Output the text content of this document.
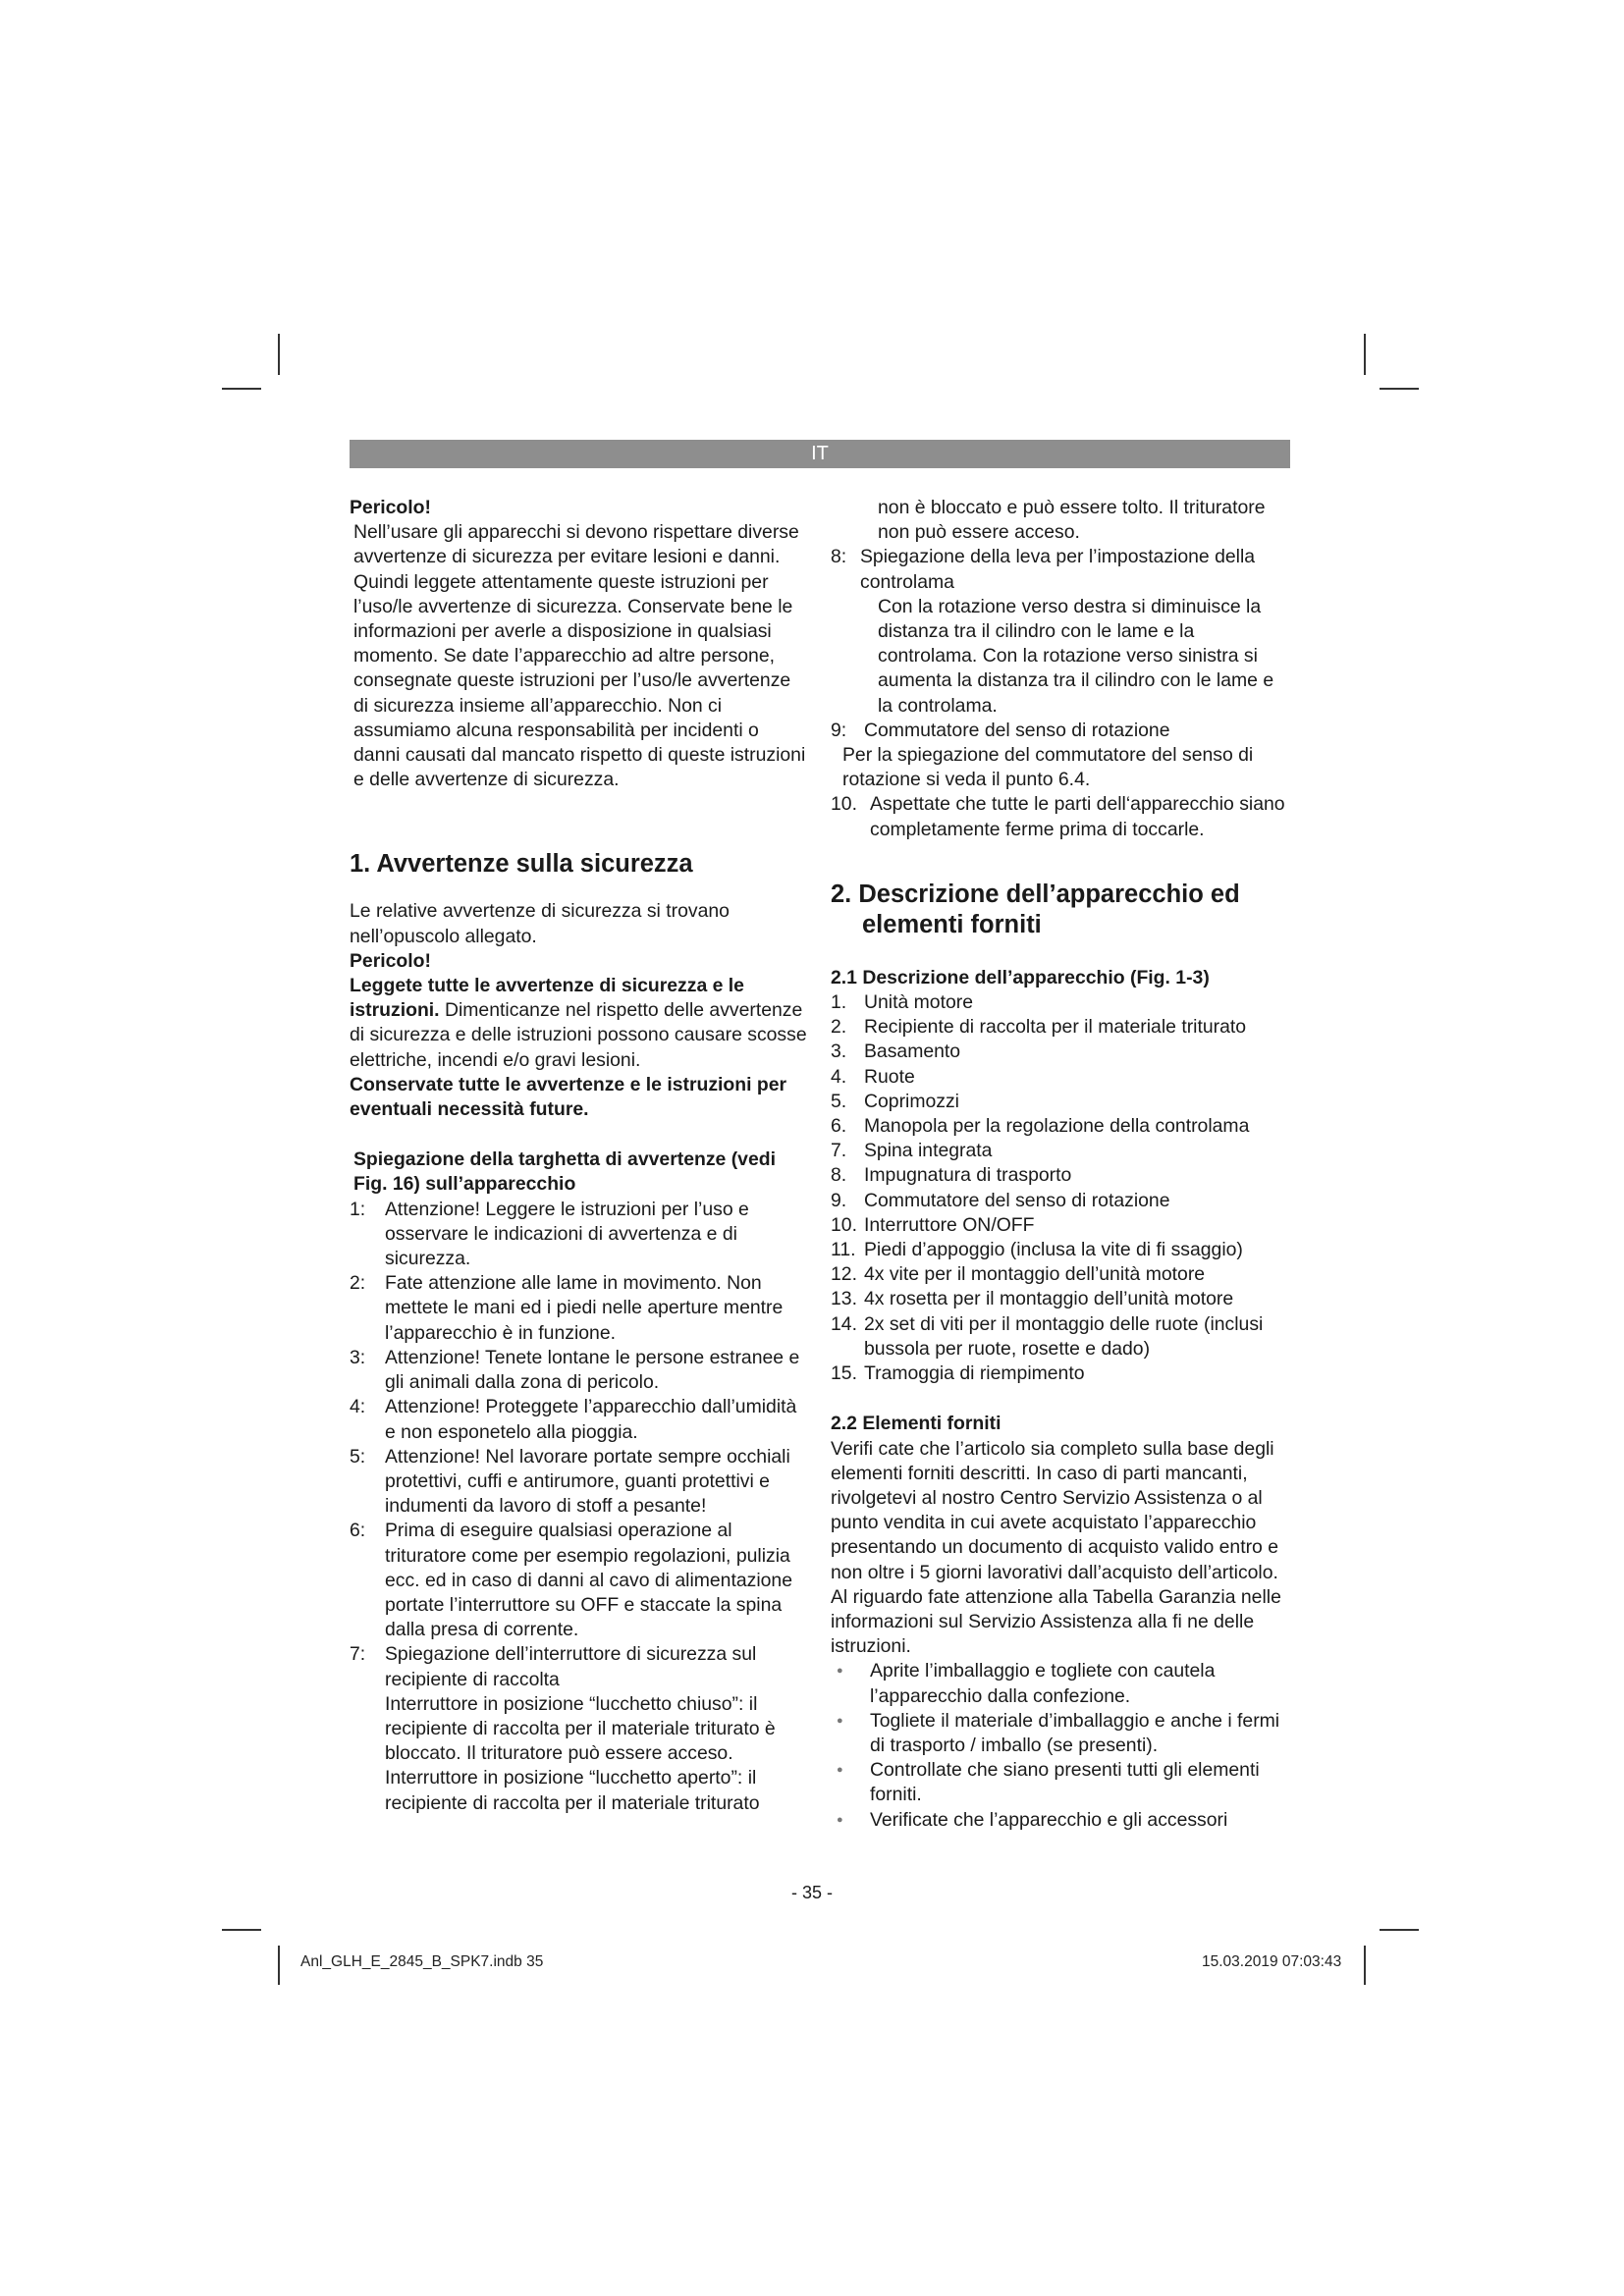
IT

Pericolo!

Nell’usare gli apparecchi si devono rispettare diverse avvertenze di sicurezza per evitare lesioni e danni. Quindi leggete attentamente queste istruzioni per l’uso/le avvertenze di sicurezza. Conservate bene le informazioni per averle a disposizione in qualsiasi momento. Se date l’apparecchio ad altre persone, consegnate queste istruzioni per l’uso/le avvertenze di sicurezza insieme all’apparecchio. Non ci assumiamo alcuna responsabilità per incidenti o danni causati dal mancato rispetto di queste istruzioni e delle avvertenze di sicurezza.

1. Avvertenze sulla sicurezza

Le relative avvertenze di sicurezza si trovano nell’opuscolo allegato.

Pericolo!

Leggete tutte le avvertenze di sicurezza e le istruzioni. Dimenticanze nel rispetto delle avvertenze di sicurezza e delle istruzioni possono causare scosse elettriche, incendi e/o gravi lesioni.

Conservate tutte le avvertenze e le istruzioni per eventuali necessità future.

Spiegazione della targhetta di avvertenze (vedi Fig. 16) sull’apparecchio
1: Attenzione! Leggere le istruzioni per l’uso e osservare le indicazioni di avvertenza e di sicurezza.
2: Fate attenzione alle lame in movimento. Non mettete le mani ed i piedi nelle aperture mentre l’apparecchio è in funzione.
3: Attenzione! Tenete lontane le persone estranee e gli animali dalla zona di pericolo.
4: Attenzione! Proteggete l’apparecchio dall’umidità e non esponetelo alla pioggia.
5: Attenzione! Nel lavorare portate sempre occhiali protettivi, cuffi e antirumore, guanti protettivi e indumenti da lavoro di stoff a pesante!
6: Prima di eseguire qualsiasi operazione al trituratore come per esempio regolazioni, pulizia ecc. ed in caso di danni al cavo di alimentazione portate l’interruttore su OFF e staccate la spina dalla presa di corrente.
7: Spiegazione dell’interruttore di sicurezza sul recipiente di raccolta

Interruttore in posizione “lucchetto chiuso”: il recipiente di raccolta per il materiale triturato è bloccato. Il trituratore può essere acceso.

Interruttore in posizione “lucchetto aperto”: il recipiente di raccolta per il materiale triturato

non è bloccato e può essere tolto. Il trituratore non può essere acceso.

8: Spiegazione della leva per l’impostazione della controlama

Con la rotazione verso destra si diminuisce la distanza tra il cilindro con le lame e la controlama. Con la rotazione verso sinistra si aumenta la distanza tra il cilindro con le lame e la controlama.

9: Commutatore del senso di rotazione

Per la spiegazione del commutatore del senso di rotazione si veda il punto 6.4.

10. Aspettate che tutte le parti dell‘apparecchio siano completamente ferme prima di toccarle.

2. Descrizione dell’apparecchio ed
elementi forniti
2.1 Descrizione dell’apparecchio (Fig. 1-3)
1. Unità motore
2. Recipiente di raccolta per il materiale triturato
3. Basamento
4. Ruote
5. Coprimozzi
6. Manopola per la regolazione della controlama
7. Spina integrata
8. Impugnatura di trasporto
9. Commutatore del senso di rotazione
10. Interruttore ON/OFF
11. Piedi d’appoggio (inclusa la vite di fi ssaggio)
12. 4x vite per il montaggio dell’unità motore
13. 4x rosetta per il montaggio dell’unità motore
14. 2x set di viti per il montaggio delle ruote (inclusi bussola per ruote, rosette e dado)
15. Tramoggia di riempimento
2.2 Elementi forniti

Verifi cate che l’articolo sia completo sulla base degli elementi forniti descritti. In caso di parti mancanti, rivolgetevi al nostro Centro Servizio Assistenza o al punto vendita in cui avete acquistato l’apparecchio presentando un documento di acquisto valido entro e non oltre i 5 giorni lavorativi dall’acquisto dell’articolo. Al riguardo fate attenzione alla Tabella Garanzia nelle informazioni sul Servizio Assistenza alla fi ne delle istruzioni.

● Aprite l’imballaggio e togliete con cautela l’apparecchio dalla confezione.
● Togliete il materiale d’imballaggio e anche i fermi di trasporto / imballo (se presenti).
● Controllate che siano presenti tutti gli elementi forniti.
● Verificate che l’apparecchio e gli accessori
- 35 -
Anl_GLH_E_2845_B_SPK7.indb 35	15.03.2019 07:03:43
